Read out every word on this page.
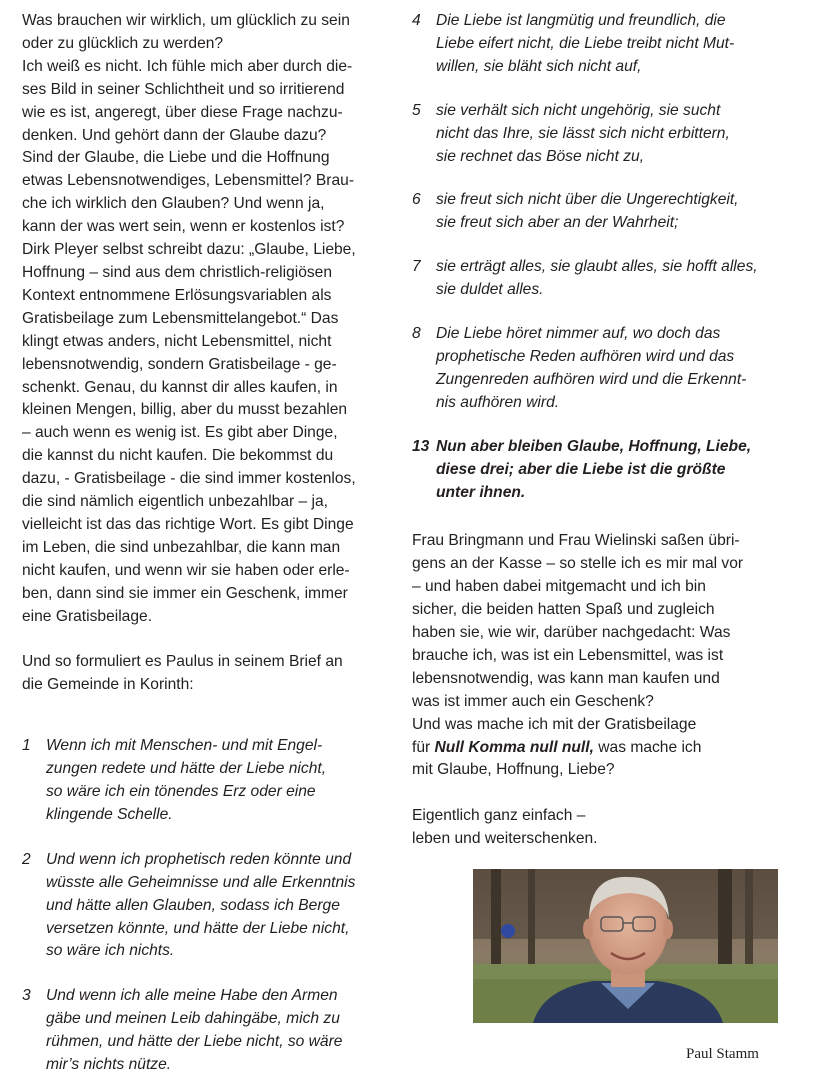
Was brauchen wir wirklich, um glücklich zu sein
oder zu glücklich zu werden?
Ich weiß es nicht. Ich fühle mich aber durch die-
ses Bild in seiner Schlichtheit und so irritierend
wie es ist, angeregt, über diese Frage nachzu-
denken. Und gehört dann der Glaube dazu?
Sind der Glaube, die Liebe und die Hoffnung
etwas Lebensnotwendiges, Lebensmittel? Brau-
che ich wirklich den Glauben? Und wenn ja,
kann der was wert sein, wenn er kostenlos ist?
Dirk Pleyer selbst schreibt dazu: „Glaube, Liebe,
Hoffnung – sind aus dem christlich-religiösen
Kontext entnommene Erlösungsvariablen als
Gratisbeilage zum Lebensmittelangebot.“ Das
klingt etwas anders, nicht Lebensmittel, nicht
lebensnotwendig, sondern Gratisbeilage - ge-
schenkt. Genau, du kannst dir alles kaufen, in
kleinen Mengen, billig, aber du musst bezahlen
– auch wenn es wenig ist. Es gibt aber Dinge,
die kannst du nicht kaufen. Die bekommst du
dazu, - Gratisbeilage - die sind immer kostenlos,
die sind nämlich eigentlich unbezahlbar – ja,
vielleicht ist das das richtige Wort. Es gibt Dinge
im Leben, die sind unbezahlbar, die kann man
nicht kaufen, und wenn wir sie haben oder erle-
ben, dann sind sie immer ein Geschenk, immer
eine Gratisbeilage.
Und so formuliert es Paulus in seinem Brief an
die Gemeinde in Korinth:
1 Wenn ich mit Menschen- und mit Engel-
zungen redete und hätte der Liebe nicht,
so wäre ich ein tönendes Erz oder eine
klingende Schelle.
2 Und wenn ich prophetisch reden könnte und
wüsste alle Geheimnisse und alle Erkenntnis
und hätte allen Glauben, sodass ich Berge
versetzen könnte, und hätte der Liebe nicht,
so wäre ich nichts.
3 Und wenn ich alle meine Habe den Armen
gäbe und meinen Leib dahingäbe, mich zu
rühmen, und hätte der Liebe nicht, so wäre
mir’s nichts nütze.
4 Die Liebe ist langmütig und freundlich, die
Liebe eifert nicht, die Liebe treibt nicht Mut-
willen, sie bläht sich nicht auf,
5 sie verhält sich nicht ungehörig, sie sucht
nicht das Ihre, sie lässt sich nicht erbittern,
sie rechnet das Böse nicht zu,
6 sie freut sich nicht über die Ungerechtigkeit,
sie freut sich aber an der Wahrheit;
7 sie erträgt alles, sie glaubt alles, sie hofft alles,
sie duldet alles.
8 Die Liebe höret nimmer auf, wo doch das
prophetische Reden aufhören wird und das
Zungenreden aufhören wird und die Erkennt-
nis aufhören wird.
13 Nun aber bleiben Glaube, Hoffnung, Liebe,
diese drei; aber die Liebe ist die größte
unter ihnen.
Frau Bringmann und Frau Wielinski saßen übri-
gens an der Kasse – so stelle ich es mir mal vor
– und haben dabei mitgemacht und ich bin
sicher, die beiden hatten Spaß und zugleich
haben sie, wie wir, darüber nachgedacht: Was
brauche ich, was ist ein Lebensmittel, was ist
lebensnotwendig, was kann man kaufen und
was ist immer auch ein Geschenk?
Und was mache ich mit der Gratisbeilage
für Null Komma null null, was mache ich
mit Glaube, Hoffnung, Liebe?
Eigentlich ganz einfach –
leben und weiterschenken.
Paul Stamm
